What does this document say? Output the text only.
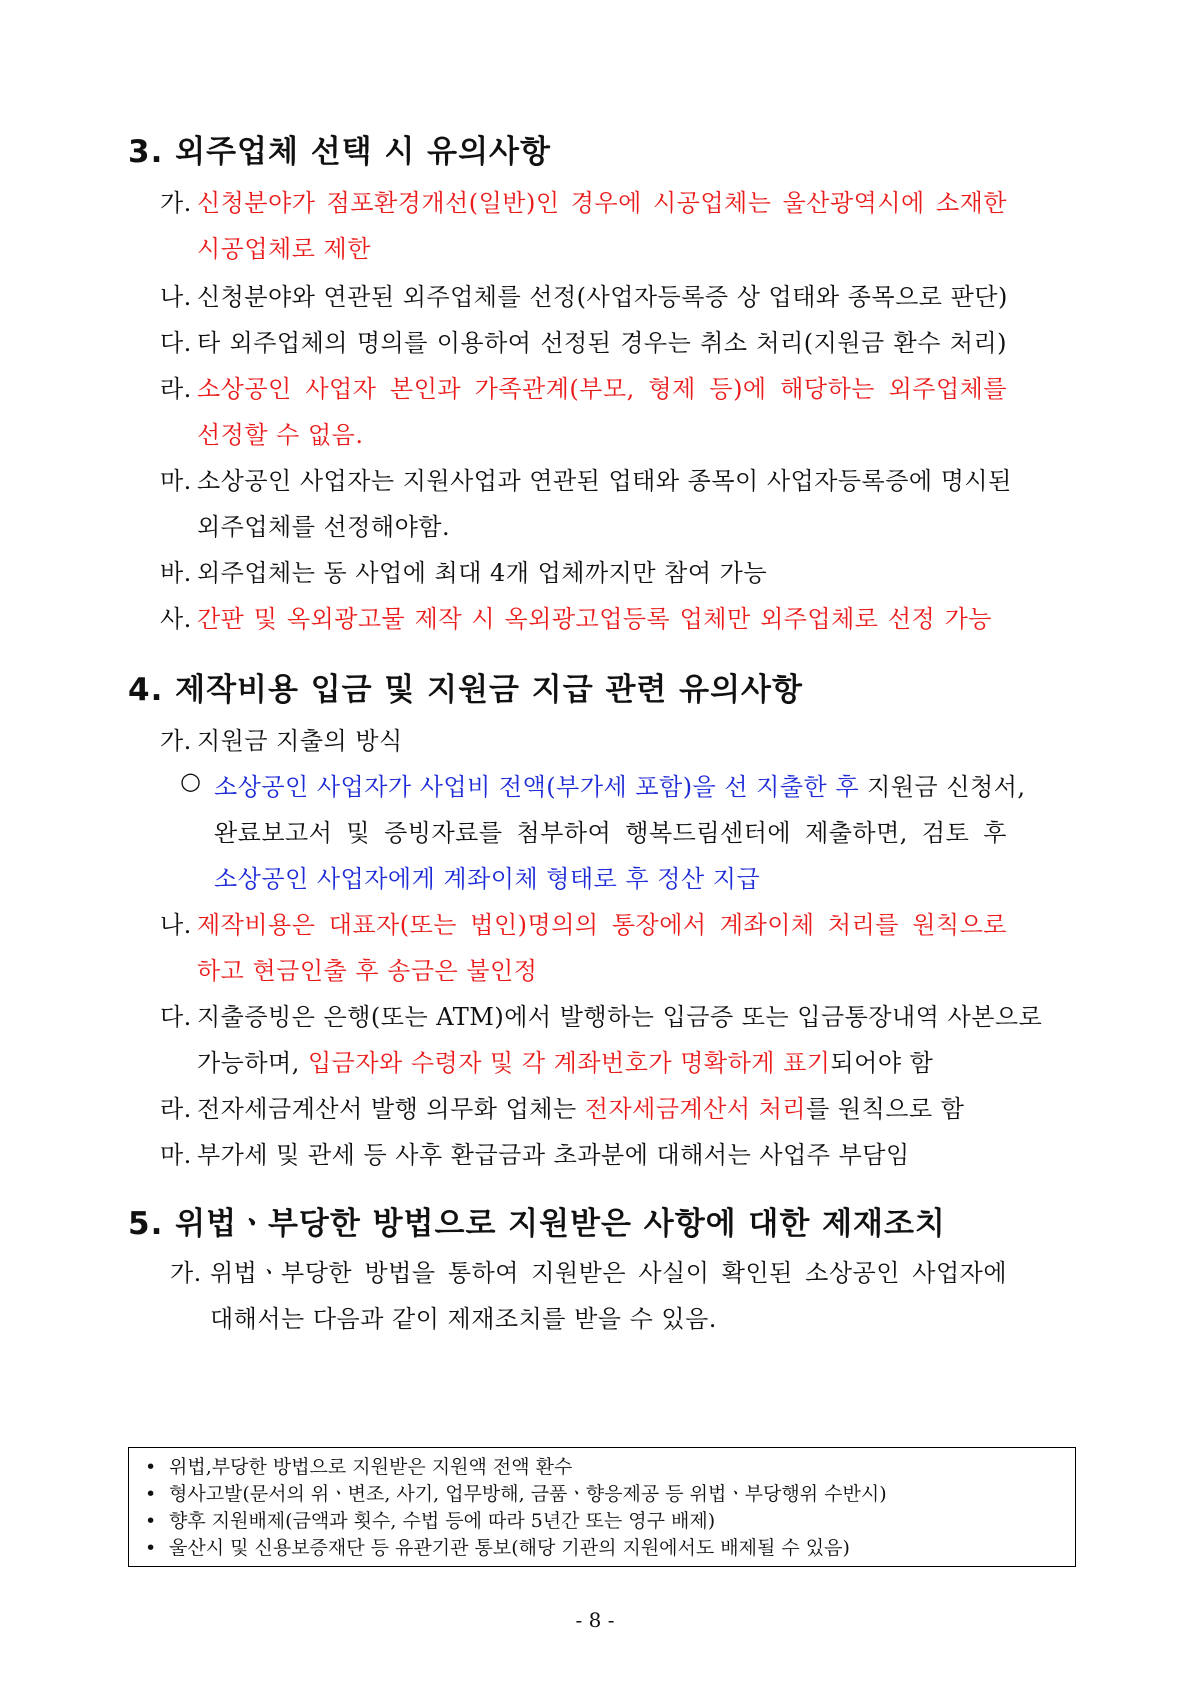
3. 외주업체 선택 시 유의사항
가. 신청분야가 점포환경개선(일반)인 경우에 시공업체는 울산광역시에 소재한
시공업체로 제한
나. 신청분야와 연관된 외주업체를 선정(사업자등록증 상 업태와 종목으로 판단)
다. 타 외주업체의 명의를 이용하여 선정된 경우는 취소 처리(지원금 환수 처리)
라. 소상공인 사업자 본인과 가족관계(부모, 형제 등)에 해당하는 외주업체를
선정할 수 없음.
마. 소상공인 사업자는 지원사업과 연관된 업태와 종목이 사업자등록증에 명시된
외주업체를 선정해야함.
바. 외주업체는 동 사업에 최대 4개 업체까지만 참여 가능
사. 간판 및 옥외광고물 제작 시 옥외광고업등록 업체만 외주업체로 선정 가능
4. 제작비용 입금 및 지원금 지급 관련 유의사항
가. 지원금 지출의 방식
○ 소상공인 사업자가 사업비 전액(부가세 포함)을 선 지출한 후 지원금 신청서,
완료보고서 및 증빙자료를 첨부하여 행복드림센터에 제출하면, 검토 후
소상공인 사업자에게 계좌이체 형태로 후 정산 지급
나. 제작비용은 대표자(또는 법인)명의의 통장에서 계좌이체 처리를 원칙으로
하고 현금인출 후 송금은 불인정
다. 지출증빙은 은행(또는 ATM)에서 발행하는 입금증 또는 입금통장내역 사본으로
가능하며, 입금자와 수령자 및 각 계좌번호가 명확하게 표기되어야 함
라. 전자세금계산서 발행 의무화 업체는 전자세금계산서 처리를 원칙으로 함
마. 부가세 및 관세 등 사후 환급금과 초과분에 대해서는 사업주 부담임
5. 위법ㆍ부당한 방법으로 지원받은 사항에 대한 제재조치
가. 위법ㆍ부당한 방법을 통하여 지원받은 사실이 확인된 소상공인 사업자에
대해서는 다음과 같이 제재조치를 받을 수 있음.
• 위법,부당한 방법으로 지원받은 지원액 전액 환수
• 형사고발(문서의 위ㆍ변조, 사기, 업무방해, 금품ㆍ향응제공 등 위법ㆍ부당행위 수반시)
• 향후 지원배제(금액과 횟수, 수법 등에 따라 5년간 또는 영구 배제)
• 울산시 및 신용보증재단 등 유관기관 통보(해당 기관의 지원에서도 배제될 수 있음)
- 8 -
